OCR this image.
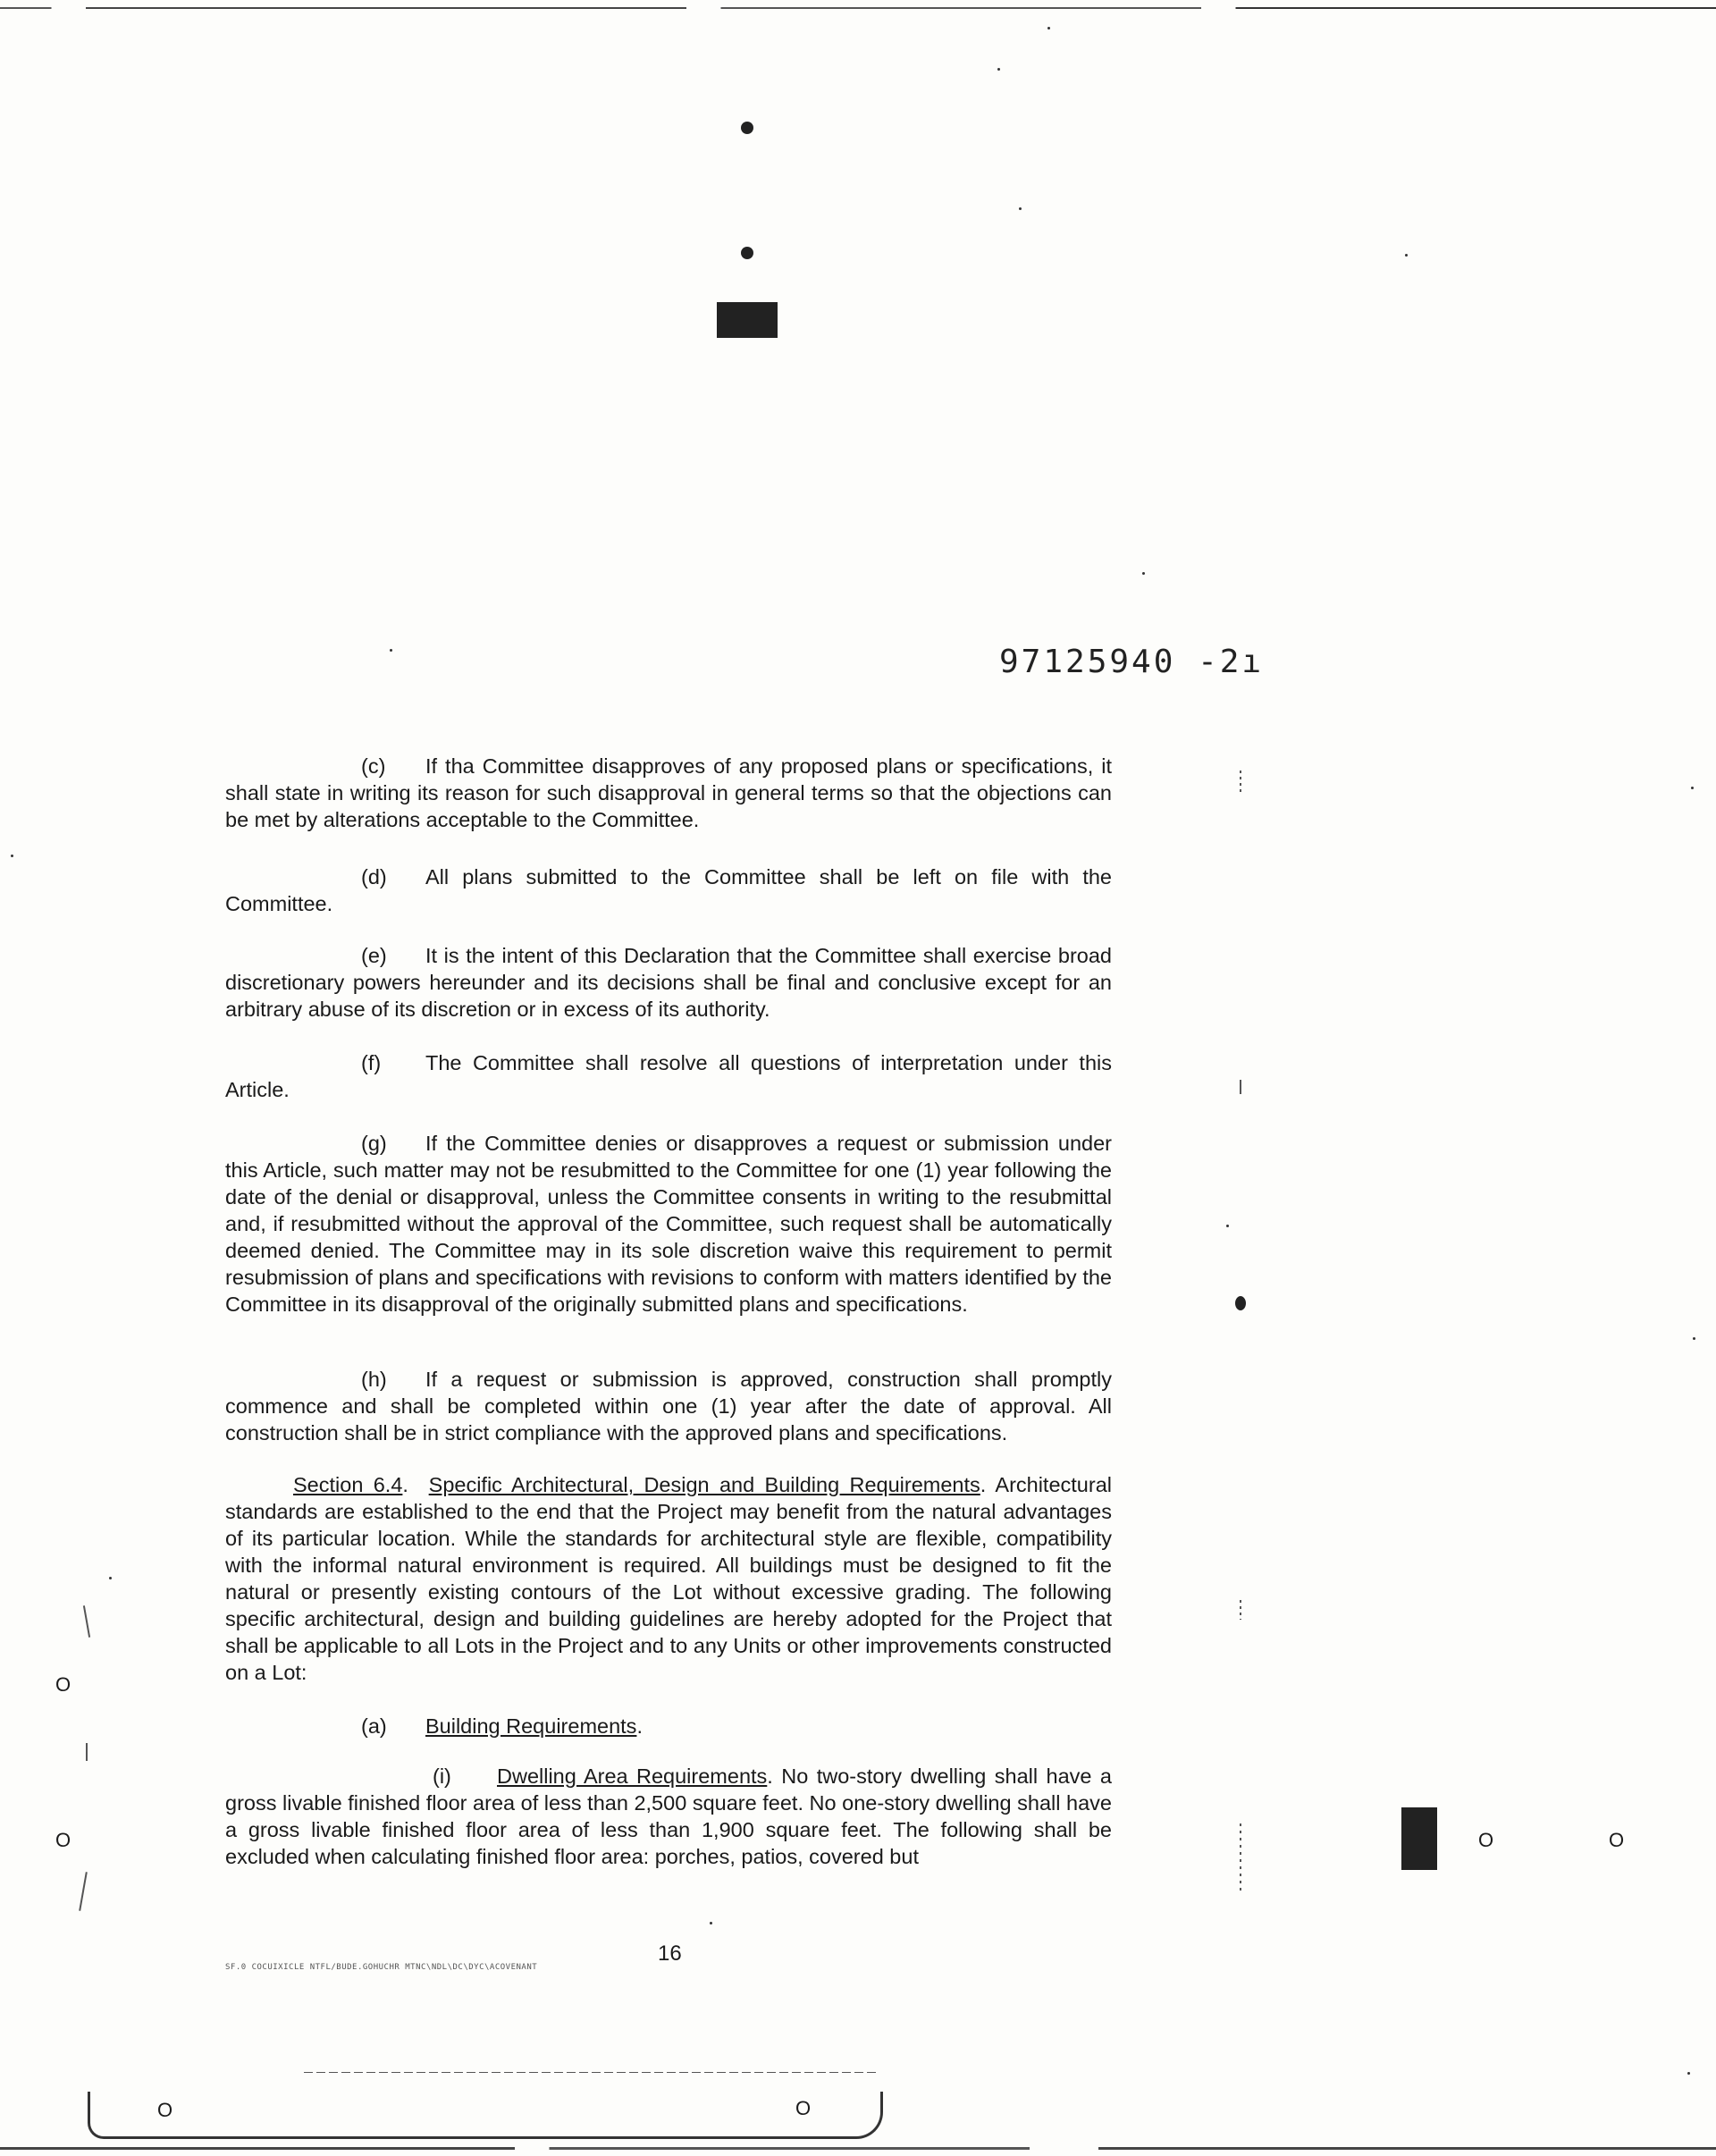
97125940 -2ı
(c) If tha Committee disapproves of any proposed plans or specifications, it shall state in writing its reason for such disapproval in general terms so that the objections can be met by alterations acceptable to the Committee.
(d) All plans submitted to the Committee shall be left on file with the Committee.
(e) It is the intent of this Declaration that the Committee shall exercise broad discretionary powers hereunder and its decisions shall be final and conclusive except for an arbitrary abuse of its discretion or in excess of its authority.
(f) The Committee shall resolve all questions of interpretation under this Article.
(g) If the Committee denies or disapproves a request or submission under this Article, such matter may not be resubmitted to the Committee for one (1) year following the date of the denial or disapproval, unless the Committee consents in writing to the resubmittal and, if resubmitted without the approval of the Committee, such request shall be automatically deemed denied. The Committee may in its sole discretion waive this requirement to permit resubmission of plans and specifications with revisions to conform with matters identified by the Committee in its disapproval of the originally submitted plans and specifications.
(h) If a request or submission is approved, construction shall promptly commence and shall be completed within one (1) year after the date of approval. All construction shall be in strict compliance with the approved plans and specifications.
Section 6.4.  Specific Architectural, Design and Building Requirements. Architectural standards are established to the end that the Project may benefit from the natural advantages of its particular location. While the standards for architectural style are flexible, compatibility with the informal natural environment is required. All buildings must be designed to fit the natural or presently existing contours of the Lot without excessive grading. The following specific architectural, design and building guidelines are hereby adopted for the Project that shall be applicable to all Lots in the Project and to any Units or other improvements constructed on a Lot:
(a) Building Requirements.
(i) Dwelling Area Requirements. No two-story dwelling shall have a gross livable finished floor area of less than 2,500 square feet. No one-story dwelling shall have a gross livable finished floor area of less than 1,900 square feet. The following shall be excluded when calculating finished floor area: porches, patios, covered but
16
SF.0 COCUIXICLE NTFL/BUDE.GOHUCHR MTNC\NDL\DC\DYC\ACOVENANT
O
O	O	O
O	O
